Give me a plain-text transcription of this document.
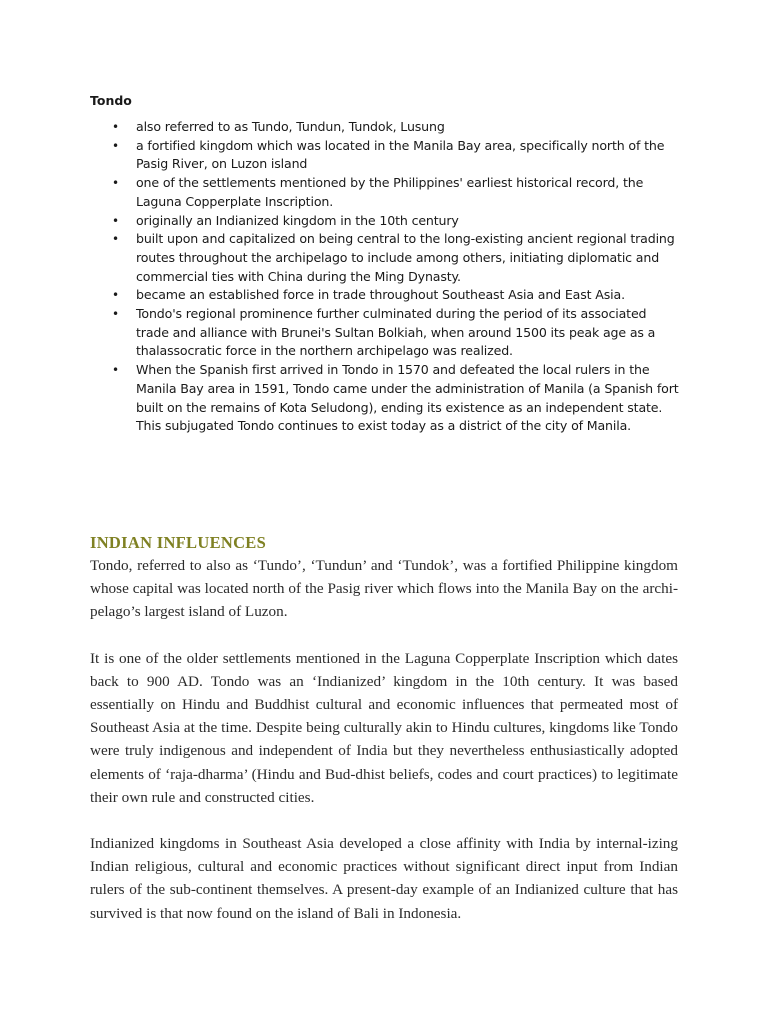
Tondo
• also referred to as Tundo, Tundun, Tundok, Lusung
• a fortified kingdom which was located in the Manila Bay area, specifically north of the Pasig River, on Luzon island
• one of the settlements mentioned by the Philippines' earliest historical record, the Laguna Copperplate Inscription.
• originally an Indianized kingdom in the 10th century
• built upon and capitalized on being central to the long-existing ancient regional trading routes throughout the archipelago to include among others, initiating diplomatic and commercial ties with China during the Ming Dynasty.
• became an established force in trade throughout Southeast Asia and East Asia.
• Tondo's regional prominence further culminated during the period of its associated trade and alliance with Brunei's Sultan Bolkiah, when around 1500 its peak age as a thalassocratic force in the northern archipelago was realized.
• When the Spanish first arrived in Tondo in 1570 and defeated the local rulers in the Manila Bay area in 1591, Tondo came under the administration of Manila (a Spanish fort built on the remains of Kota Seludong), ending its existence as an independent state. This subjugated Tondo continues to exist today as a district of the city of Manila.
INDIAN INFLUENCES

Tondo, referred to also as ‘Tundo’, ‘Tundun’ and ‘Tundok’, was a fortified Philippine kingdom whose capital was located north of the Pasig river which flows into the Manila Bay on the archi-pelago’s largest island of Luzon.

It is one of the older settlements mentioned in the Laguna Copperplate Inscription which dates back to 900 AD. Tondo was an ‘Indianized’ kingdom in the 10th century. It was based essentially on Hindu and Buddhist cultural and economic influences that permeated most of Southeast Asia at the time. Despite being culturally akin to Hindu cultures, kingdoms like Tondo were truly indigenous and independent of India but they nevertheless enthusiastically adopted elements of ‘raja-dharma’ (Hindu and Bud-dhist beliefs, codes and court practices) to legitimate their own rule and constructed cities.

Indianized kingdoms in Southeast Asia developed a close affinity with India by internal-izing Indian religious, cultural and economic practices without significant direct input from Indian rulers of the sub-continent themselves. A present-day example of an Indianized culture that has survived is that now found on the island of Bali in Indonesia.
